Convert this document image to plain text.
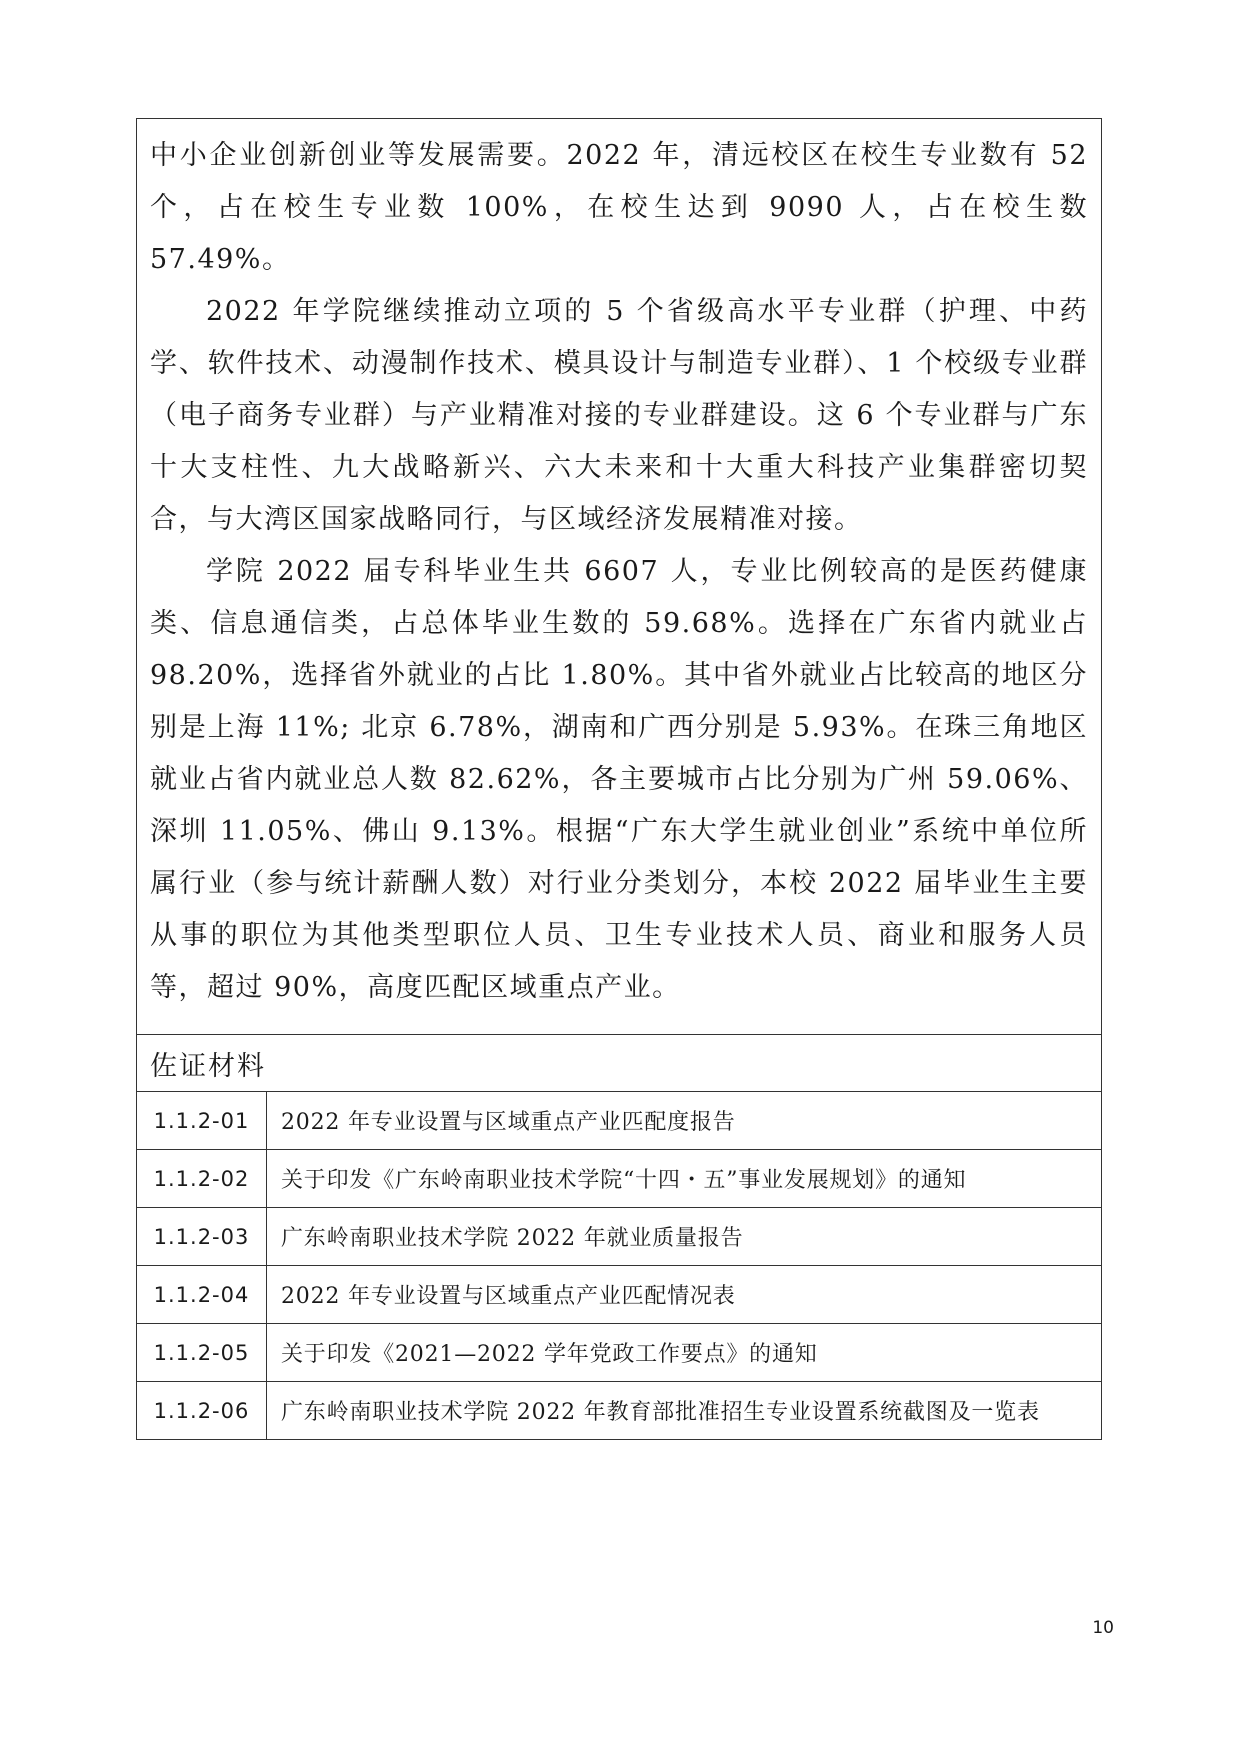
中小企业创新创业等发展需要。2022 年，清远校区在校生专业数有 52 个，占在校生专业数 100%，在校生达到 9090 人，占在校生数 57.49%。

2022 年学院继续推动立项的 5 个省级高水平专业群（护理、中药学、软件技术、动漫制作技术、模具设计与制造专业群）、1 个校级专业群（电子商务专业群）与产业精准对接的专业群建设。这 6 个专业群与广东十大支柱性、九大战略新兴、六大未来和十大重大科技产业集群密切契合，与大湾区国家战略同行，与区域经济发展精准对接。

学院 2022 届专科毕业生共 6607 人，专业比例较高的是医药健康类、信息通信类，占总体毕业生数的 59.68%。选择在广东省内就业占 98.20%，选择省外就业的占比 1.80%。其中省外就业占比较高的地区分别是上海 11%; 北京 6.78%，湖南和广西分别是 5.93%。在珠三角地区就业占省内就业总人数 82.62%，各主要城市占比分别为广州 59.06%、深圳 11.05%、佛山 9.13%。根据“广东大学生就业创业”系统中单位所属行业（参与统计薪酬人数）对行业分类划分，本校 2022 届毕业生主要从事的职位为其他类型职位人员、卫生专业技术人员、商业和服务人员等，超过 90%，高度匹配区域重点产业。	

佐证材料	
1.1.2-01	2022 年专业设置与区域重点产业匹配度报告
1.1.2-02	关于印发《广东岭南职业技术学院“十四・五”事业发展规划》的通知
1.1.2-03	广东岭南职业技术学院 2022 年就业质量报告
1.1.2-04	2022 年专业设置与区域重点产业匹配情况表
1.1.2-05	关于印发《2021—2022 学年党政工作要点》的通知
1.1.2-06	广东岭南职业技术学院 2022 年教育部批准招生专业设置系统截图及一览表
10
